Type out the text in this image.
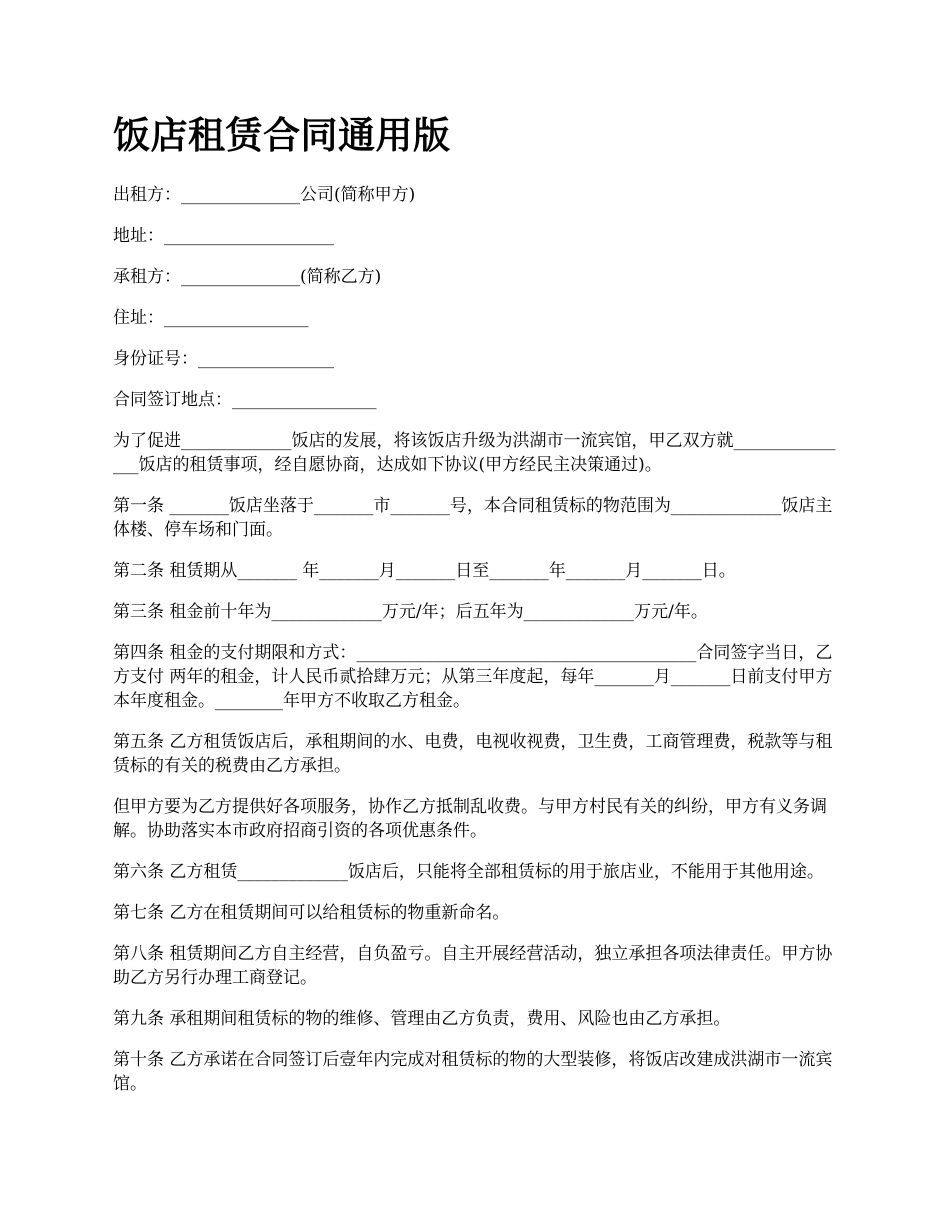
饭店租赁合同通用版

出租方：______________公司(简称甲方)

地址：____________________

承租方：______________(简称乙方)

住址：_________________

身份证号：________________

合同签订地点：_________________

为了促进_____________饭店的发展，将该饭店升级为洪湖市一流宾馆，甲乙双方就_______________饭店的租赁事项，经自愿协商，达成如下协议(甲方经民主决策通过)。

第一条 _______饭店坐落于_______市_______号，本合同租赁标的物范围为_____________饭店主体楼、停车场和门面。

第二条 租赁期从_______ 年_______月_______日至_______年_______月_______日。

第三条 租金前十年为_____________万元/年；后五年为_____________万元/年。

第四条 租金的支付期限和方式：________________________________________合同签字当日，乙方支付 两年的租金，计人民币贰拾肆万元；从第三年度起，每年_______月_______日前支付甲方本年度租金。________年甲方不收取乙方租金。

第五条 乙方租赁饭店后，承租期间的水、电费，电视收视费，卫生费，工商管理费，税款等与租赁标的有关的税费由乙方承担。

但甲方要为乙方提供好各项服务，协作乙方抵制乱收费。与甲方村民有关的纠纷，甲方有义务调解。协助落实本市政府招商引资的各项优惠条件。

第六条 乙方租赁_____________饭店后，只能将全部租赁标的用于旅店业，不能用于其他用途。

第七条 乙方在租赁期间可以给租赁标的物重新命名。

第八条 租赁期间乙方自主经营，自负盈亏。自主开展经营活动，独立承担各项法律责任。甲方协助乙方另行办理工商登记。

第九条 承租期间租赁标的物的维修、管理由乙方负责，费用、风险也由乙方承担。

第十条 乙方承诺在合同签订后壹年内完成对租赁标的物的大型装修，将饭店改建成洪湖市一流宾馆。
